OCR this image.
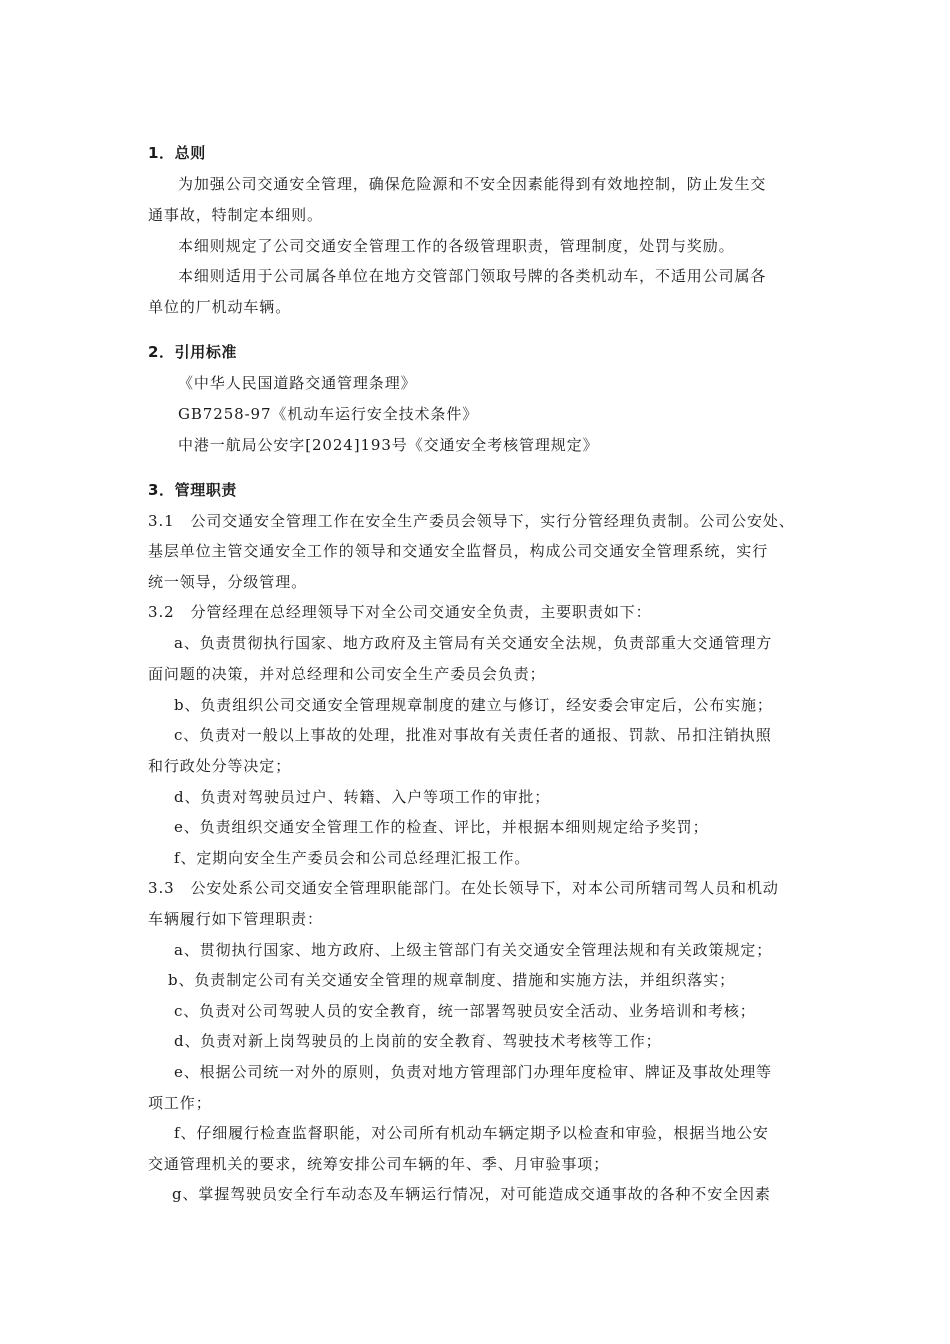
1．总则

为加强公司交通安全管理，确保危险源和不安全因素能得到有效地控制，防止发生交

通事故，特制定本细则。

本细则规定了公司交通安全管理工作的各级管理职责，管理制度，处罚与奖励。

本细则适用于公司属各单位在地方交管部门领取号牌的各类机动车，不适用公司属各

单位的厂机动车辆。

2．引用标准

《中华人民国道路交通管理条理》

GB7258-97《机动车运行安全技术条件》

中港一航局公安字[2024]193号《交通安全考核管理规定》

3．管理职责

3.1　公司交通安全管理工作在安全生产委员会领导下，实行分管经理负责制。公司公安处、

基层单位主管交通安全工作的领导和交通安全监督员，构成公司交通安全管理系统，实行

统一领导，分级管理。

3.2　分管经理在总经理领导下对全公司交通安全负责，主要职责如下：

a、负责贯彻执行国家、地方政府及主管局有关交通安全法规，负责部重大交通管理方

面问题的决策，并对总经理和公司安全生产委员会负责；

b、负责组织公司交通安全管理规章制度的建立与修订，经安委会审定后，公布实施；

c、负责对一般以上事故的处理，批准对事故有关责任者的通报、罚款、吊扣注销执照

和行政处分等决定；

d、负责对驾驶员过户、转籍、入户等项工作的审批；

e、负责组织交通安全管理工作的检查、评比，并根据本细则规定给予奖罚；

f、定期向安全生产委员会和公司总经理汇报工作。

3.3　公安处系公司交通安全管理职能部门。在处长领导下，对本公司所辖司驾人员和机动

车辆履行如下管理职责：

a、贯彻执行国家、地方政府、上级主管部门有关交通安全管理法规和有关政策规定；

b、负责制定公司有关交通安全管理的规章制度、措施和实施方法，并组织落实；

c、负责对公司驾驶人员的安全教育，统一部署驾驶员安全活动、业务培训和考核；

d、负责对新上岗驾驶员的上岗前的安全教育、驾驶技术考核等工作；

e、根据公司统一对外的原则，负责对地方管理部门办理年度检审、牌证及事故处理等

项工作；

f、仔细履行检查监督职能，对公司所有机动车辆定期予以检查和审验，根据当地公安

交通管理机关的要求，统筹安排公司车辆的年、季、月审验事项；

g、掌握驾驶员安全行车动态及车辆运行情况，对可能造成交通事故的各种不安全因素
